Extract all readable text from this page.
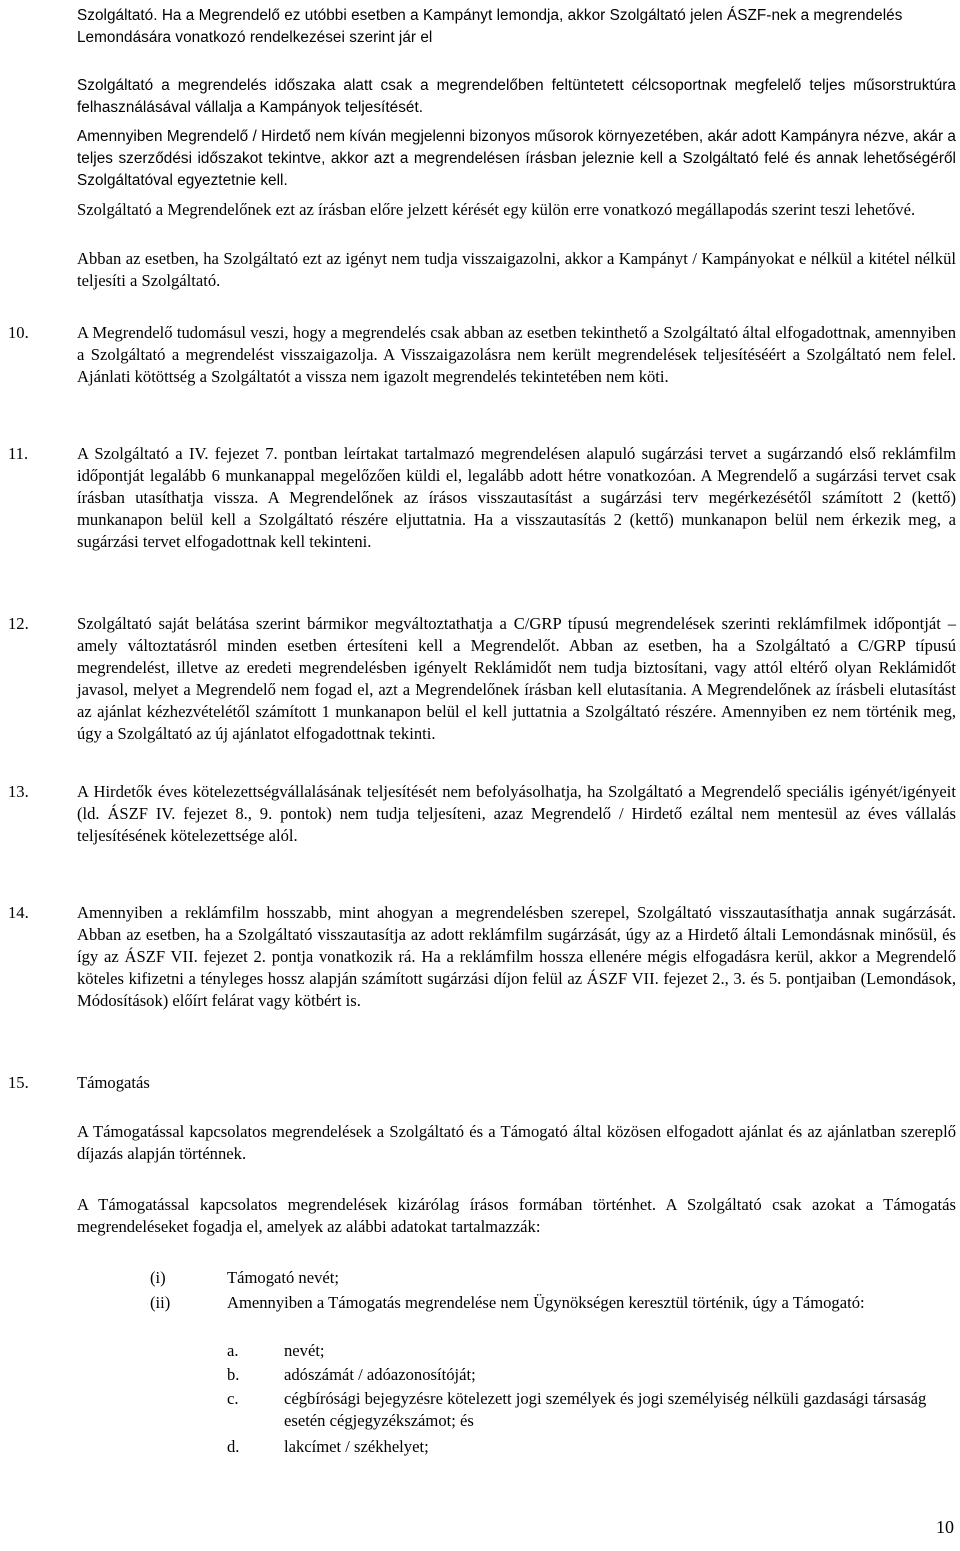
Szolgáltató. Ha a Megrendelő ez utóbbi esetben a Kampányt lemondja, akkor Szolgáltató jelen ÁSZF-nek a megrendelés Lemondására vonatkozó rendelkezései szerint jár el

Szolgáltató a megrendelés időszaka alatt csak a megrendelőben feltüntetett célcsoportnak megfelelő teljes műsorstruktúra felhasználásával vállalja a Kampányok teljesítését.

Amennyiben Megrendelő / Hirdető nem kíván megjelenni bizonyos műsorok környezetében, akár adott Kampányra nézve, akár a teljes szerződési időszakot tekintve, akkor azt a megrendelésen írásban jeleznie kell a Szolgáltató felé és annak lehetőségéről Szolgáltatóval egyeztetnie kell.

Szolgáltató a Megrendelőnek ezt az írásban előre jelzett kérését egy külön erre vonatkozó megállapodás szerint teszi lehetővé.

Abban az esetben, ha Szolgáltató ezt az igényt nem tudja visszaigazolni, akkor a Kampányt / Kampányokat e nélkül a kitétel nélkül teljesíti a Szolgáltató.

10.	A Megrendelő tudomásul veszi, hogy a megrendelés csak abban az esetben tekinthető a Szolgáltató által elfogadottnak, amennyiben a Szolgáltató a megrendelést visszaigazolja. A Visszaigazolásra nem került megrendelések teljesítéséért a Szolgáltató nem felel. Ajánlati kötöttség a Szolgáltatót a vissza nem igazolt megrendelés tekintetében nem köti.

11.	A Szolgáltató a IV. fejezet 7. pontban leírtakat tartalmazó megrendelésen alapuló sugárzási tervet a sugárzandó első reklámfilm időpontját legalább 6 munkanappal megelőzően küldi el, legalább adott hétre vonatkozóan. A Megrendelő a sugárzási tervet csak írásban utasíthatja vissza. A Megrendelőnek az írásos visszautasítást a sugárzási terv megérkezésétől számított 2 (kettő) munkanapon belül kell a Szolgáltató részére eljuttatnia. Ha a visszautasítás 2 (kettő) munkanapon belül nem érkezik meg, a sugárzási tervet elfogadottnak kell tekinteni.

12.	Szolgáltató saját belátása szerint bármikor megváltoztathatja a C/GRP típusú megrendelések szerinti reklámfilmek időpontját – amely változtatásról minden esetben értesíteni kell a Megrendelőt. Abban az esetben, ha a Szolgáltató a C/GRP típusú megrendelést, illetve az eredeti megrendelésben igényelt Reklámidőt nem tudja biztosítani, vagy attól eltérő olyan Reklámidőt javasol, melyet a Megrendelő nem fogad el, azt a Megrendelőnek írásban kell elutasítania. A Megrendelőnek az írásbeli elutasítást az ajánlat kézhezvételétől számított 1 munkanapon belül el kell juttatnia a Szolgáltató részére. Amennyiben ez nem történik meg, úgy a Szolgáltató az új ajánlatot elfogadottnak tekinti.

13.	A Hirdetők éves kötelezettségvállalásának teljesítését nem befolyásolhatja, ha Szolgáltató a Megrendelő speciális igényét/igényeit (ld. ÁSZF IV. fejezet 8., 9. pontok) nem tudja teljesíteni, azaz Megrendelő / Hirdető ezáltal nem mentesül az éves vállalás teljesítésének kötelezettsége alól.

14.	Amennyiben a reklámfilm hosszabb, mint ahogyan a megrendelésben szerepel, Szolgáltató visszautasíthatja annak sugárzását. Abban az esetben, ha a Szolgáltató visszautasítja az adott reklámfilm sugárzását, úgy az a Hirdető általi Lemondásnak minősül, és így az ÁSZF VII. fejezet 2. pontja vonatkozik rá. Ha a reklámfilm hossza ellenére mégis elfogadásra kerül, akkor a Megrendelő köteles kifizetni a tényleges hossz alapján számított sugárzási díjon felül az ÁSZF VII. fejezet 2., 3. és 5. pontjaiban (Lemondások, Módosítások) előírt felárat vagy kötbért is.

15.	Támogatás

A Támogatással kapcsolatos megrendelések a Szolgáltató és a Támogató által közösen elfogadott ajánlat és az ajánlatban szereplő díjazás alapján történnek.

A Támogatással kapcsolatos megrendelések kizárólag írásos formában történhet. A Szolgáltató csak azokat a Támogatás megrendeléseket fogadja el, amelyek az alábbi adatokat tartalmazzák:

(i)	Támogató nevét;
(ii)	Amennyiben a Támogatás megrendelése nem Ügynökségen keresztül történik, úgy a Támogató:
a.	nevét;
b.	adószámát / adóazonosítóját;
c.	cégbírósági bejegyzésre kötelezett jogi személyek és jogi személyiség nélküli gazdasági társaság esetén cégjegyzékszámot; és
d.	lakcímet / székhelyet;
10
